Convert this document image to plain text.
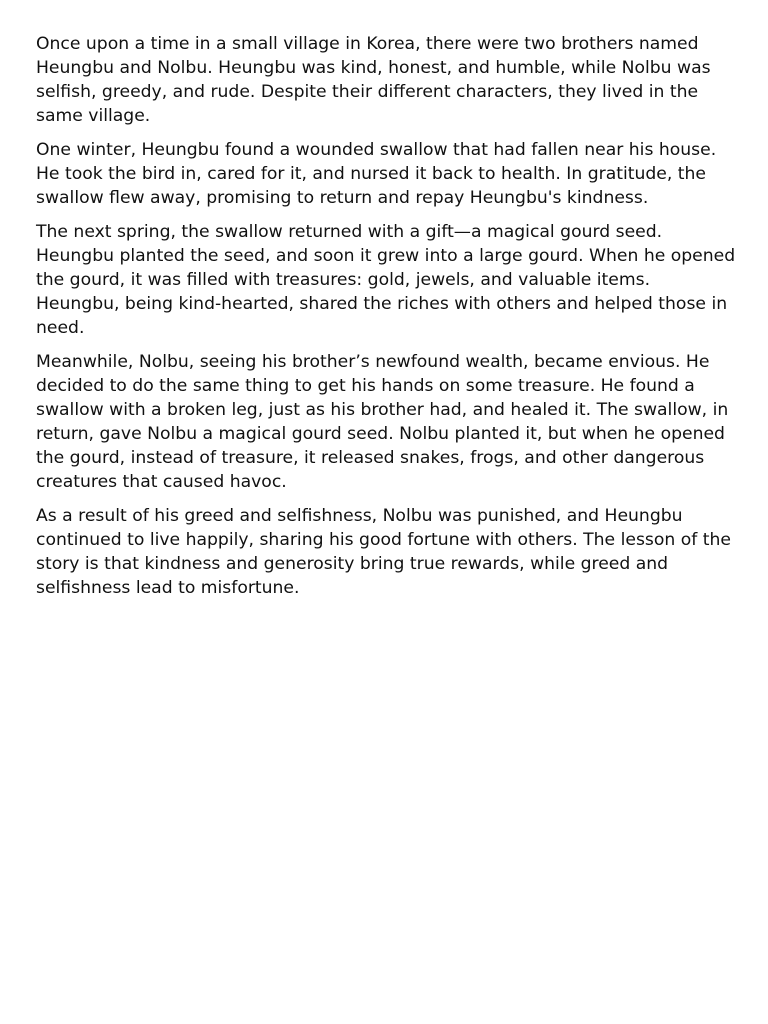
Once upon a time in a small village in Korea, there were two brothers named Heungbu and Nolbu. Heungbu was kind, honest, and humble, while Nolbu was selfish, greedy, and rude. Despite their different characters, they lived in the same village.

One winter, Heungbu found a wounded swallow that had fallen near his house. He took the bird in, cared for it, and nursed it back to health. In gratitude, the swallow flew away, promising to return and repay Heungbu's kindness.

The next spring, the swallow returned with a gift—a magical gourd seed. Heungbu planted the seed, and soon it grew into a large gourd. When he opened the gourd, it was filled with treasures: gold, jewels, and valuable items. Heungbu, being kind-hearted, shared the riches with others and helped those in need.

Meanwhile, Nolbu, seeing his brother’s newfound wealth, became envious. He decided to do the same thing to get his hands on some treasure. He found a swallow with a broken leg, just as his brother had, and healed it. The swallow, in return, gave Nolbu a magical gourd seed. Nolbu planted it, but when he opened the gourd, instead of treasure, it released snakes, frogs, and other dangerous creatures that caused havoc.

As a result of his greed and selfishness, Nolbu was punished, and Heungbu continued to live happily, sharing his good fortune with others. The lesson of the story is that kindness and generosity bring true rewards, while greed and selfishness lead to misfortune.
